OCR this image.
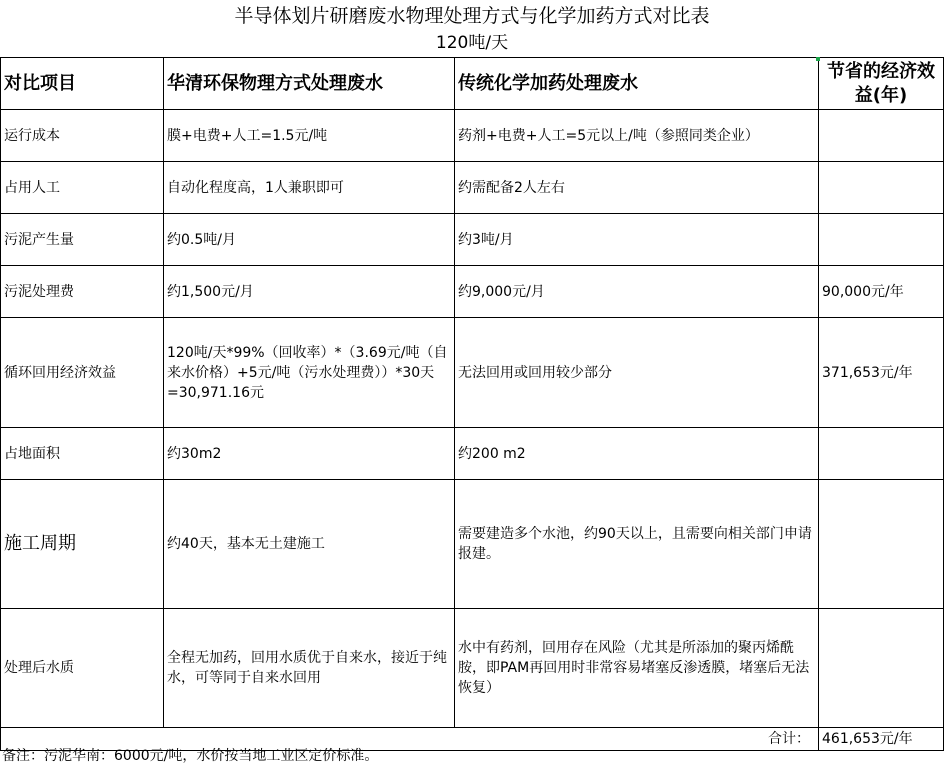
半导体划片研磨废水物理处理方式与化学加药方式对比表
120吨/天
对比项目	华清环保物理方式处理废水	传统化学加药处理废水	节省的经济效益(年)
运行成本	膜+电费+人工=1.5元/吨	药剂+电费+人工=5元以上/吨（参照同类企业）	
占用人工	自动化程度高，1人兼职即可	约需配备2人左右	
污泥产生量	约0.5吨/月	约3吨/月	
污泥处理费	约1,500元/月	约9,000元/月	90,000元/年
循环回用经济效益	120吨/天*99%（回收率）*（3.69元/吨（自来水价格）+5元/吨（污水处理费））*30天=30,971.16元	无法回用或回用较少部分	371,653元/年
占地面积	约30m2	约200 m2	
施工周期	约40天，基本无土建施工	需要建造多个水池，约90天以上，且需要向相关部门申请报建。	
处理后水质	全程无加药，回用水质优于自来水，接近于纯水，可等同于自来水回用	水中有药剂，回用存在风险（尤其是所添加的聚丙烯酰胺，即PAM再回用时非常容易堵塞反渗透膜，堵塞后无法恢复）	
合计：			461,653元/年
备注：污泥华南：6000元/吨，水价按当地工业区定价标准。
